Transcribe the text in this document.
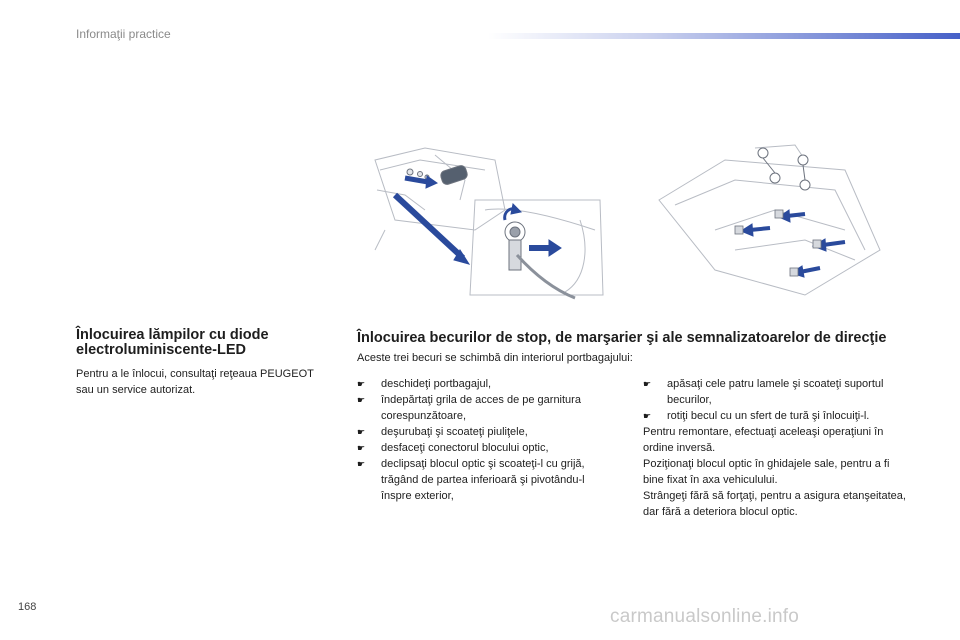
Informaţii practice
Înlocuirea lămpilor cu diode electroluminiscente-LED
Pentru a le înlocui, consultaţi reţeaua PEUGEOT sau un service autorizat.
Înlocuirea becurilor de stop, de marşarier şi ale semnalizatoarelor de direcţie
Aceste trei becuri se schimbă din interiorul portbagajului:
☛ deschideţi portbagajul,
☛ îndepărtaţi grila de acces de pe garnitura corespunzătoare,
☛ deşurubaţi şi scoateţi piuliţele,
☛ desfaceţi conectorul blocului optic,
☛ declipsaţi blocul optic şi scoateţi-l cu grijă, trăgând de partea inferioară şi pivotându-l înspre exterior,
☛ apăsaţi cele patru lamele şi scoateţi suportul becurilor,
☛ rotiţi becul cu un sfert de tură şi înlocuiţi-l.

Pentru remontare, efectuaţi aceleaşi operaţiuni în ordine inversă.

Poziţionaţi blocul optic în ghidajele sale, pentru a fi bine fixat în axa vehiculului.

Strângeţi fără să forţaţi, pentru a asigura etanşeitatea, dar fără a deteriora blocul optic.

168	carmanualsonline.info
